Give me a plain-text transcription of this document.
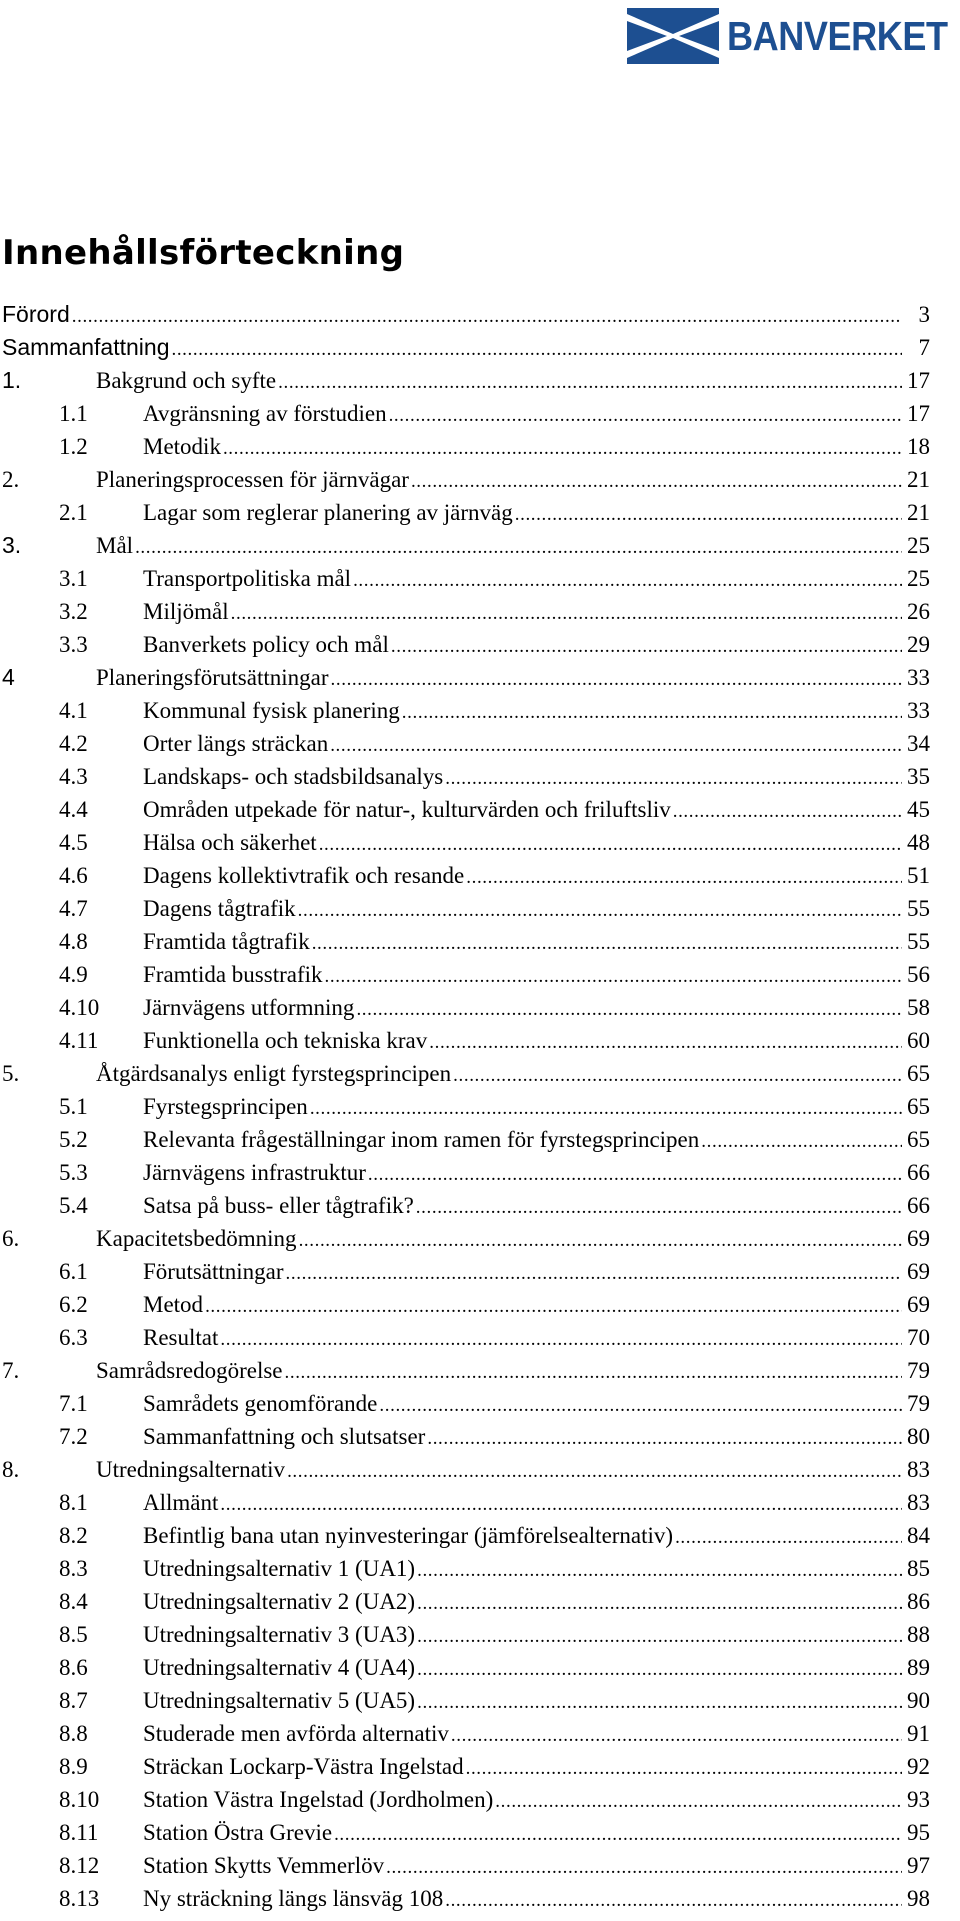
BANVERKET
Innehållsförteckning
Förord .....	3
Sammanfattning .....	7
1.	Bakgrund och syfte .....	17
1.1 Avgränsning av förstudien .....	17
1.2 Metodik .....	18
2.	Planeringsprocessen för järnvägar .....	21
2.1 Lagar som reglerar planering av järnväg .....	21
3.	Mål .....	25
3.1 Transportpolitiska mål .....	25
3.2 Miljömål .....	26
3.3 Banverkets policy och mål .....	29
4	Planeringsförutsättningar .....	33
4.1 Kommunal fysisk planering .....	33
4.2 Orter längs sträckan .....	34
4.3 Landskaps- och stadsbildsanalys .....	35
4.4 Områden utpekade för natur-, kulturvärden och friluftsliv .....	45
4.5 Hälsa och säkerhet .....	48
4.6 Dagens kollektivtrafik och resande .....	51
4.7 Dagens tågtrafik .....	55
4.8 Framtida tågtrafik .....	55
4.9 Framtida busstrafik .....	56
4.10 Järnvägens utformning .....	58
4.11 Funktionella och tekniska krav .....	60
5.	Åtgärdsanalys enligt fyrstegsprincipen .....	65
5.1 Fyrstegsprincipen .....	65
5.2 Relevanta frågeställningar inom ramen för fyrstegsprincipen .....	65
5.3 Järnvägens infrastruktur .....	66
5.4 Satsa på buss- eller tågtrafik? .....	66
6.	Kapacitetsbedömning .....	69
6.1 Förutsättningar .....	69
6.2 Metod .....	69
6.3 Resultat .....	70
7.	Samrådsredogörelse .....	79
7.1 Samrådets genomförande .....	79
7.2 Sammanfattning och slutsatser .....	80
8.	Utredningsalternativ .....	83
8.1 Allmänt .....	83
8.2 Befintlig bana utan nyinvesteringar (jämförelsealternativ) .....	84
8.3 Utredningsalternativ 1 (UA1) .....	85
8.4 Utredningsalternativ 2 (UA2) .....	86
8.5 Utredningsalternativ 3 (UA3) .....	88
8.6 Utredningsalternativ 4 (UA4) .....	89
8.7 Utredningsalternativ 5 (UA5) .....	90
8.8 Studerade men avförda alternativ .....	91
8.9 Sträckan Lockarp-Västra Ingelstad .....	92
8.10 Station Västra Ingelstad (Jordholmen) .....	93
8.11 Station Östra Grevie .....	95
8.12 Station Skytts Vemmerlöv .....	97
8.13 Ny sträckning längs länsväg 108 .....	98
